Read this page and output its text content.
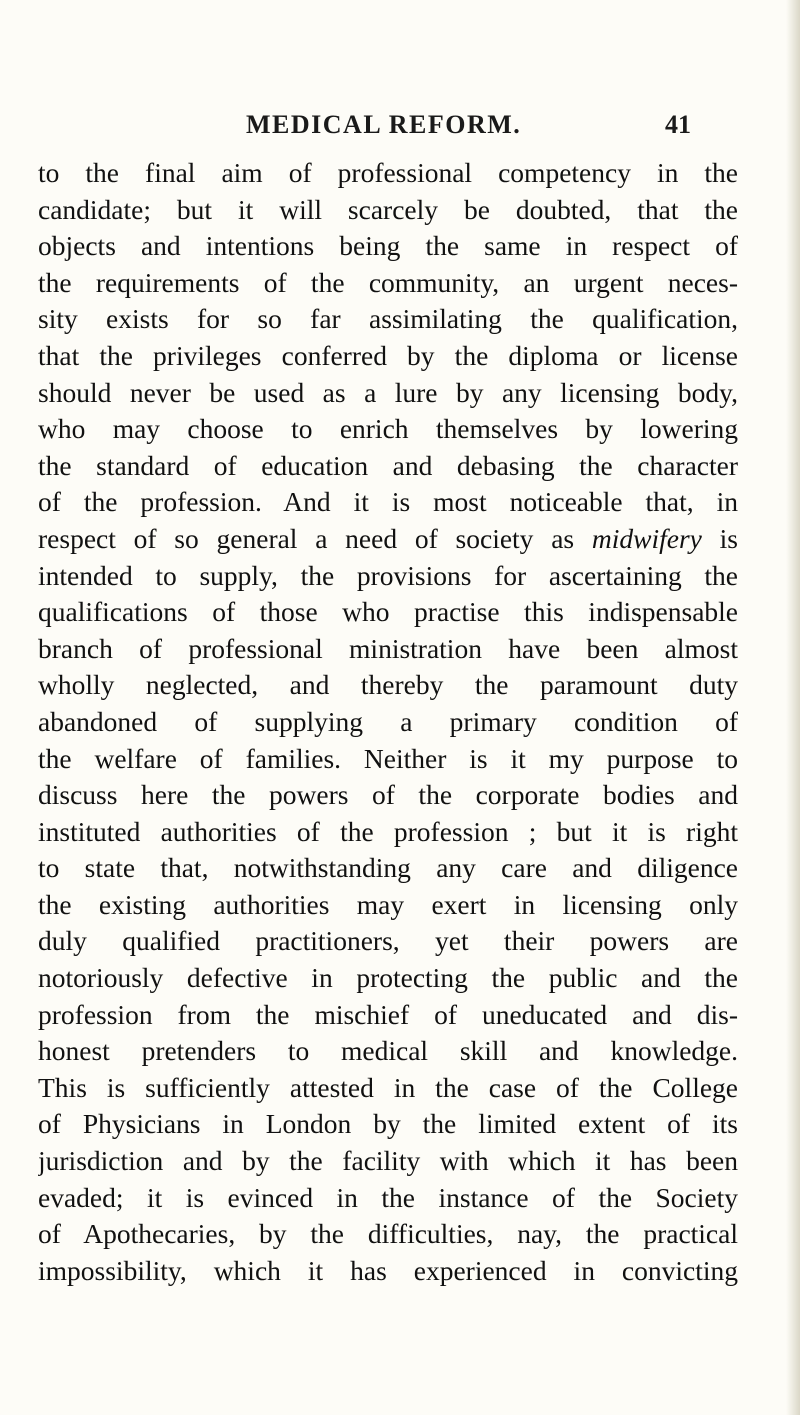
MEDICAL REFORM.	41
to the final aim of professional competency in the
candidate; but it will scarcely be doubted, that the
objects and intentions being the same in respect of
the requirements of the community, an urgent neces-
sity exists for so far assimilating the qualification,
that the privileges conferred by the diploma or license
should never be used as a lure by any licensing body,
who may choose to enrich themselves by lowering
the standard of education and debasing the character
of the profession. And it is most noticeable that, in
respect of so general a need of society as midwifery is
intended to supply, the provisions for ascertaining the
qualifications of those who practise this indispensable
branch of professional ministration have been almost
wholly neglected, and thereby the paramount duty
abandoned of supplying a primary condition of
the welfare of families. Neither is it my purpose to
discuss here the powers of the corporate bodies and
instituted authorities of the profession ; but it is right
to state that, notwithstanding any care and diligence
the existing authorities may exert in licensing only
duly qualified practitioners, yet their powers are
notoriously defective in protecting the public and the
profession from the mischief of uneducated and dis-
honest pretenders to medical skill and knowledge.
This is sufficiently attested in the case of the College
of Physicians in London by the limited extent of its
jurisdiction and by the facility with which it has been
evaded; it is evinced in the instance of the Society
of Apothecaries, by the difficulties, nay, the practical
impossibility, which it has experienced in convicting
